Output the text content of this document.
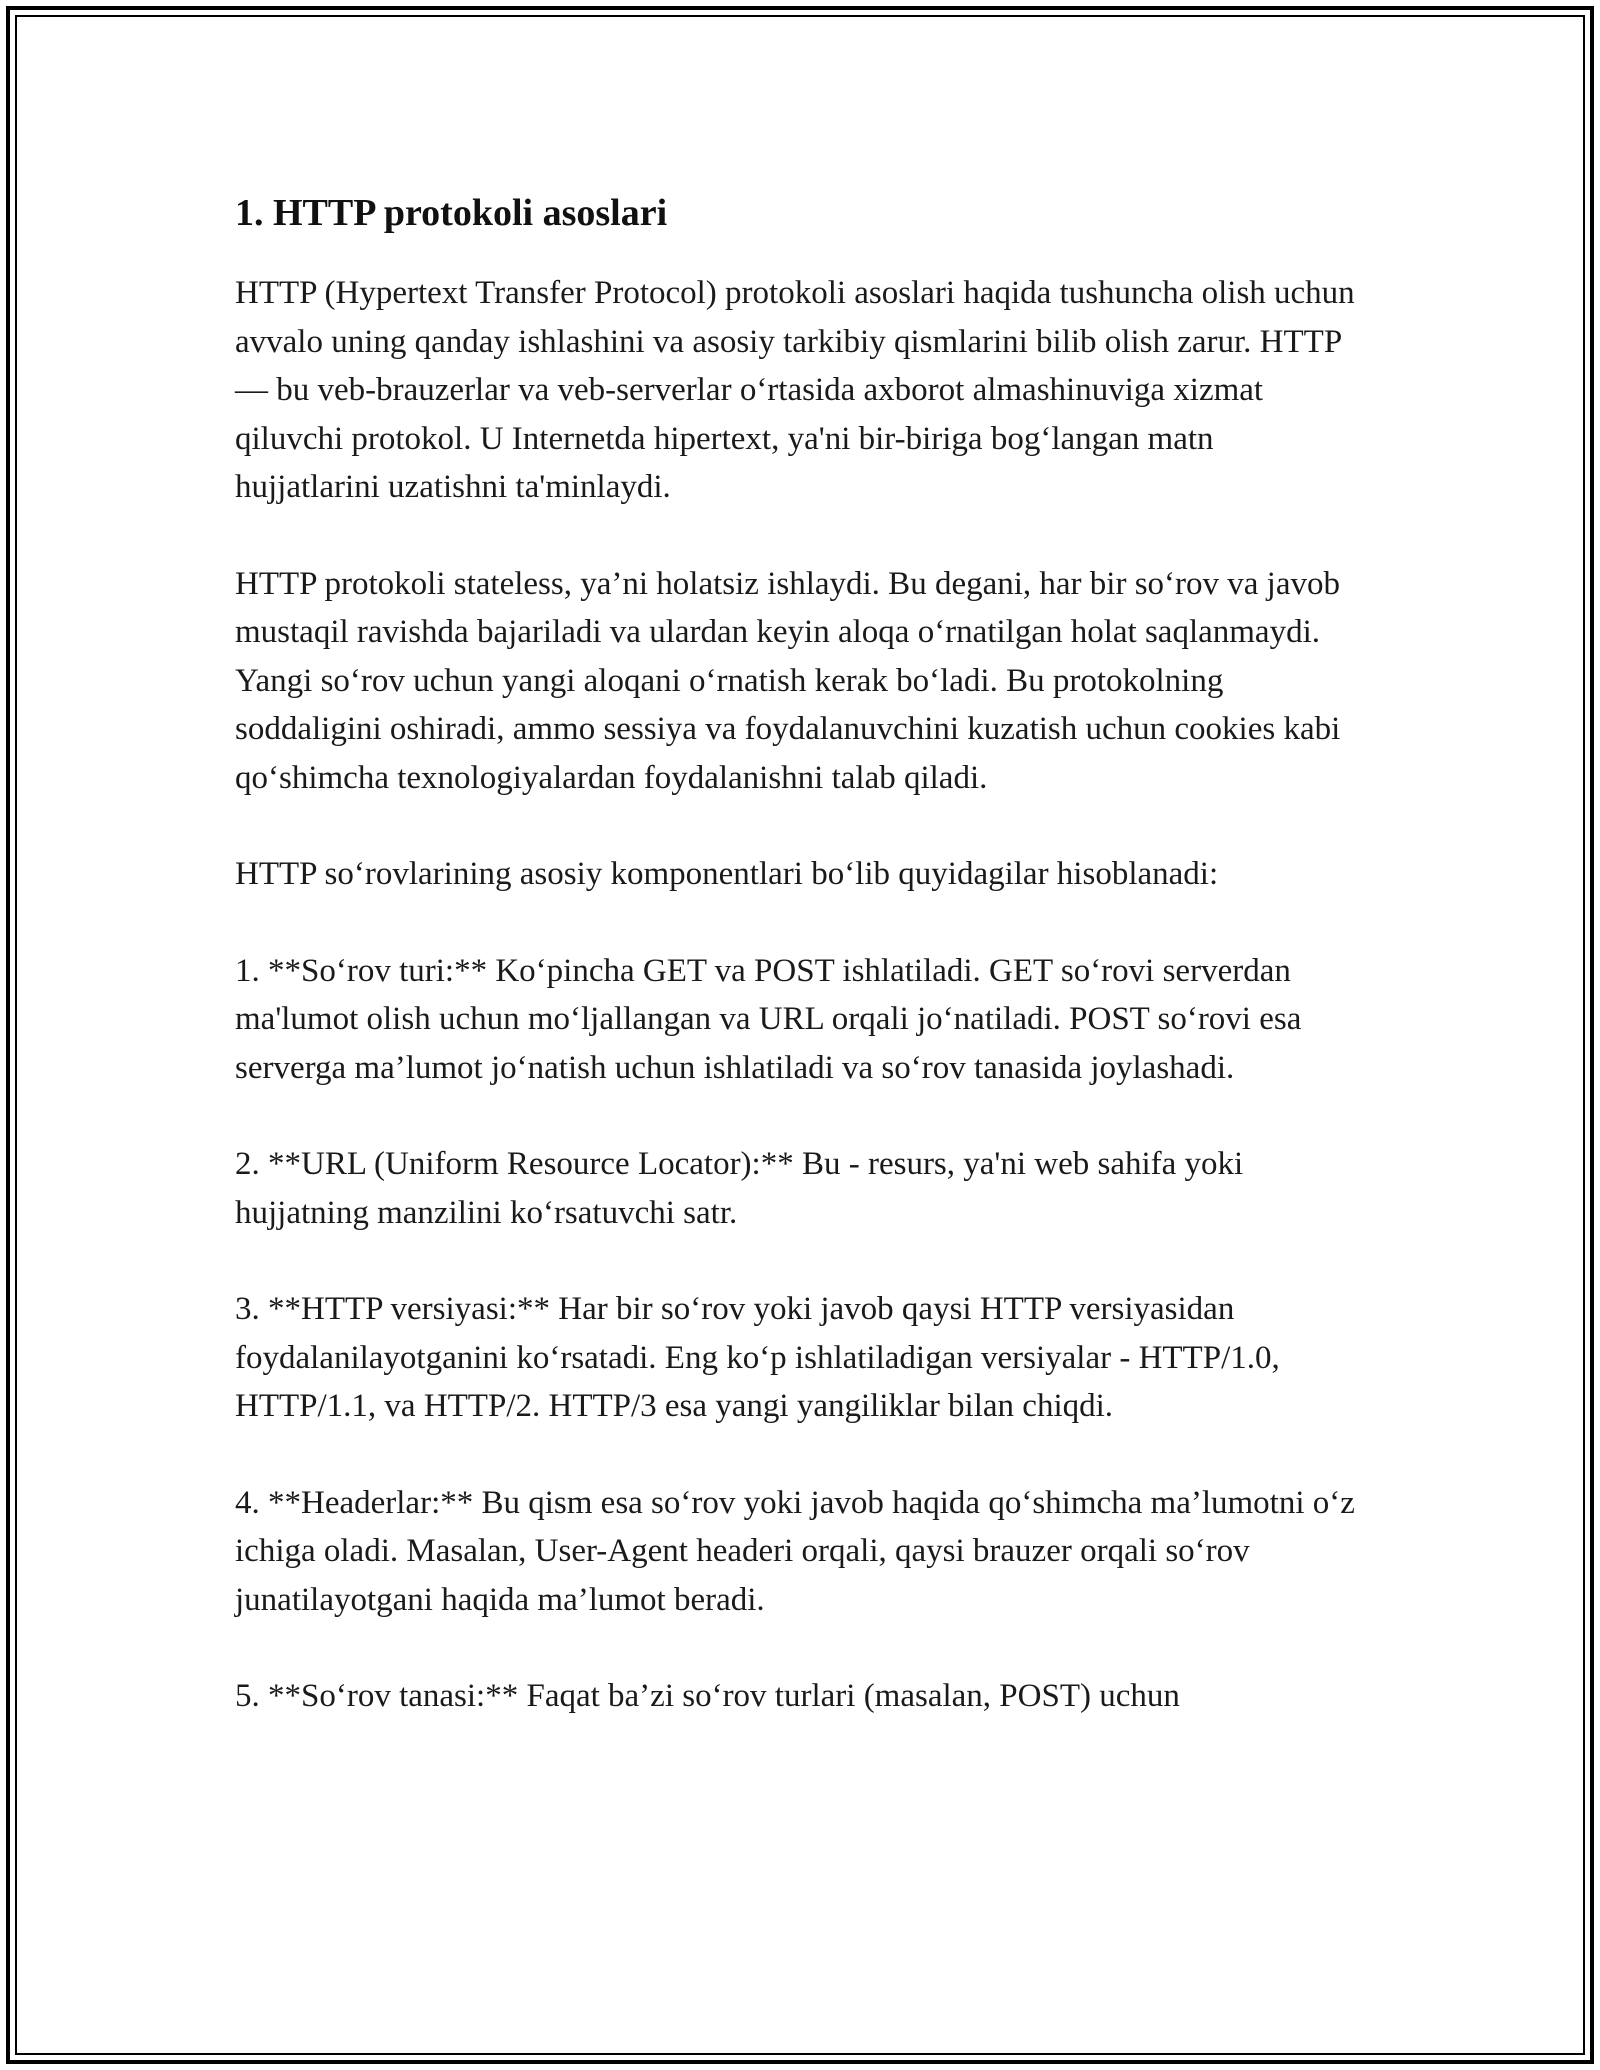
1. HTTP protokoli asoslari

HTTP (Hypertext Transfer Protocol) protokoli asoslari haqida tushuncha olish uchun avvalo uning qanday ishlashini va asosiy tarkibiy qismlarini bilib olish zarur. HTTP — bu veb-brauzerlar va veb-serverlar o‘rtasida axborot almashinuviga xizmat qiluvchi protokol. U Internetda hipertext, ya'ni bir-biriga bog‘langan matn hujjatlarini uzatishni ta'minlaydi.

HTTP protokoli stateless, ya’ni holatsiz ishlaydi. Bu degani, har bir so‘rov va javob mustaqil ravishda bajariladi va ulardan keyin aloqa o‘rnatilgan holat saqlanmaydi. Yangi so‘rov uchun yangi aloqani o‘rnatish kerak bo‘ladi. Bu protokolning soddaligini oshiradi, ammo sessiya va foydalanuvchini kuzatish uchun cookies kabi qo‘shimcha texnologiyalardan foydalanishni talab qiladi.

HTTP so‘rovlarining asosiy komponentlari bo‘lib quyidagilar hisoblanadi:

1. **So‘rov turi:** Ko‘pincha GET va POST ishlatiladi. GET so‘rovi serverdan ma'lumot olish uchun mo‘ljallangan va URL orqali jo‘natiladi. POST so‘rovi esa serverga ma’lumot jo‘natish uchun ishlatiladi va so‘rov tanasida joylashadi.

2. **URL (Uniform Resource Locator):** Bu - resurs, ya'ni web sahifa yoki hujjatning manzilini ko‘rsatuvchi satr.

3. **HTTP versiyasi:** Har bir so‘rov yoki javob qaysi HTTP versiyasidan foydalanilayotganini ko‘rsatadi. Eng ko‘p ishlatiladigan versiyalar - HTTP/1.0, HTTP/1.1, va HTTP/2. HTTP/3 esa yangi yangiliklar bilan chiqdi.

4. **Headerlar:** Bu qism esa so‘rov yoki javob haqida qo‘shimcha ma’lumotni o‘z ichiga oladi. Masalan, User-Agent headeri orqali, qaysi brauzer orqali so‘rov junatilayotgani haqida ma’lumot beradi.

5. **So‘rov tanasi:** Faqat ba’zi so‘rov turlari (masalan, POST) uchun
